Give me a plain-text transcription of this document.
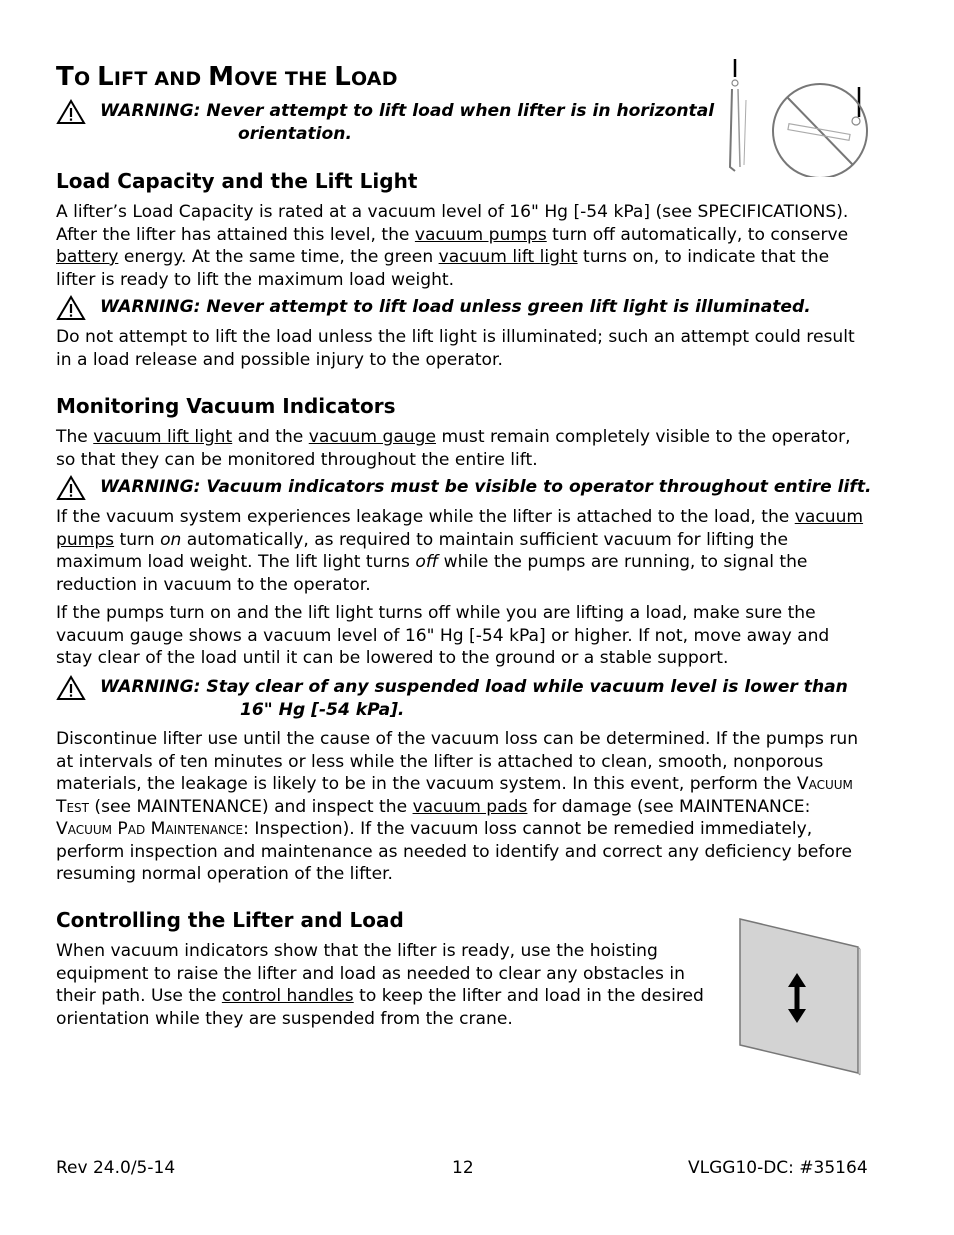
TO LIFT AND MOVE THE LOAD
WARNING: Never attempt to lift load when lifter is in horizontal
orientation.
Load Capacity and the Lift Light

A lifter’s Load Capacity is rated at a vacuum level of 16" Hg [-54 kPa] (see SPECIFICATIONS). After the lifter has attained this level, the vacuum pumps turn off automatically, to conserve battery energy. At the same time, the green vacuum lift light turns on, to indicate that the lifter is ready to lift the maximum load weight.

WARNING: Never attempt to lift load unless green lift light is illuminated.

Do not attempt to lift the load unless the lift light is illuminated; such an attempt could result in a load release and possible injury to the operator.

Monitoring Vacuum Indicators

The vacuum lift light and the vacuum gauge must remain completely visible to the operator, so that they can be monitored throughout the entire lift.

WARNING: Vacuum indicators must be visible to operator throughout entire lift.

If the vacuum system experiences leakage while the lifter is attached to the load, the vacuum pumps turn on automatically, as required to maintain sufficient vacuum for lifting the maximum load weight. The lift light turns off while the pumps are running, to signal the reduction in vacuum to the operator.

If the pumps turn on and the lift light turns off while you are lifting a load, make sure the vacuum gauge shows a vacuum level of 16" Hg [-54 kPa] or higher. If not, move away and stay clear of the load until it can be lowered to the ground or a stable support.

WARNING: Stay clear of any suspended load while vacuum level is lower than
16" Hg [-54 kPa].

Discontinue lifter use until the cause of the vacuum loss can be determined. If the pumps run at intervals of ten minutes or less while the lifter is attached to clean, smooth, nonporous materials, the leakage is likely to be in the vacuum system. In this event, perform the Vacuum Test (see MAINTENANCE) and inspect the vacuum pads for damage (see MAINTENANCE: Vacuum Pad Maintenance: Inspection). If the vacuum loss cannot be remedied immediately, perform inspection and maintenance as needed to identify and correct any deficiency before resuming normal operation of the lifter.

Controlling the Lifter and Load

When vacuum indicators show that the lifter is ready, use the hoisting equipment to raise the lifter and load as needed to clear any obstacles in their path. Use the control handles to keep the lifter and load in the desired orientation while they are suspended from the crane.

Rev 24.0/5-14	12	VLGG10-DC: #35164
